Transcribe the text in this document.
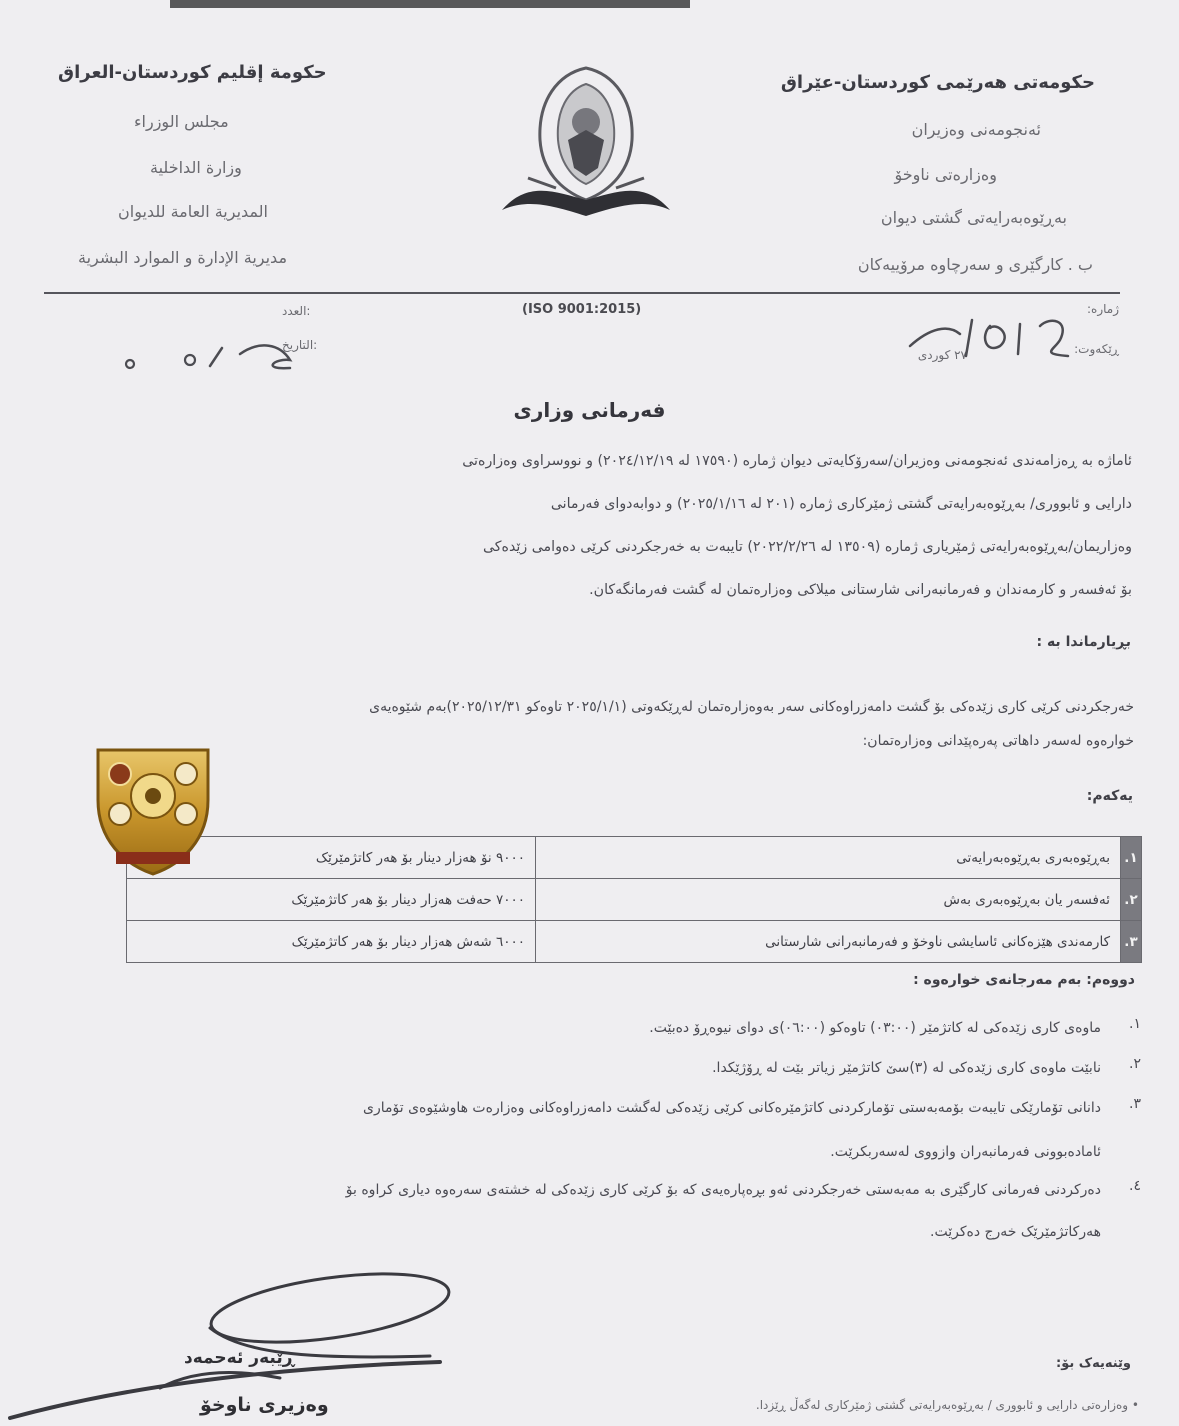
حکومەتی هەرێمی کوردستان-عێراق
ئەنجومەنی وەزیران
وەزارەتی ناوخۆ
بەڕێوەبەرایەتی گشتی دیوان
ب . کارگێری و سەرچاوە مرۆییەکان
حكومة إقليم كوردستان-العراق
مجلس الوزراء
وزارة الداخلية
المديرية العامة للديوان
مديرية الإدارة و الموارد البشرية
(ISO 9001:2015)	ژمارە:
ڕێکەوت:
۲۷ کوردی
العدد:
التاريخ:
فەرمانی وزاری
ئاماژە بە ڕەزامەندی ئەنجومەنی وەزیران/سەرۆکایەتی دیوان ژمارە (١٧٥٩٠ لە ٢٠٢٤/١٢/١٩) و نووسراوی وەزارەتی
دارایی و ئابووری/ بەڕێوەبەرایەتی گشتی ژمێرکاری ژمارە (٢٠١ لە ٢٠٢٥/١/١٦) و دوابەدوای فەرمانی
وەزاریمان/بەڕێوەبەرایەتی ژمێریاری ژمارە (١٣٥٠٩ لە ٢٠٢٢/٢/٢٦) تایبەت بە خەرجکردنی کرێی دەوامی زێدەکی
بۆ ئەفسەر و کارمەندان و فەرمانبەرانی شارستانی میلاکی وەزارەتمان لە گشت فەرمانگەکان.
بڕیارماندا بە :
خەرجکردنی کرێی کاری زێدەکی بۆ گشت دامەزراوەکانی سەر بەوەزارەتمان لەڕێکەوتی (٢٠٢٥/١/١ تاوەکو ٢٠٢٥/١٢/٣١)بەم شێوەیەی
خوارەوە لەسەر داهاتی پەرەپێدانی وەزارەتمان:
یەکەم:
١.	بەڕێوەبەری بەڕێوەبەرایەتی	٩٠٠٠ نۆ هەزار دینار بۆ هەر کاتژمێرێک
٢.	ئەفسەر یان بەڕێوەبەری بەش	٧٠٠٠ حەفت هەزار دینار بۆ هەر کاتژمێرێک
٣.	کارمەندی هێزەکانی ئاسایشی ناوخۆ و فەرمانبەرانی شارستانی	٦٠٠٠ شەش هەزار دینار بۆ هەر کاتژمێرێک
دووەم: بەم مەرجانەی خوارەوە :
١.
ماوەی کاری زێدەکی لە کاتژمێر (٠٣:٠٠) تاوەکو (٠٦:٠٠)ی دوای نیوەڕۆ دەبێت.
٢.
نابێت ماوەی کاری زێدەکی لە (٣)سێ کاتژمێر زیاتر بێت لە ڕۆژێکدا.
٣.
دانانی تۆمارێکی تایبەت بۆمەبەستی تۆمارکردنی کاتژمێرەکانی کرێی زێدەکی لەگشت دامەزراوەکانی وەزارەت هاوشێوەی تۆماری
ئامادەبوونی فەرمانبەران وازووی لەسەربکرێت.
٤.
دەرکردنی فەرمانی کارگێری بە مەبەستی خەرجکردنی ئەو بڕەپارەیەی کە بۆ کرێی کاری زێدەکی لە خشتەی سەرەوە دیاری کراوە بۆ
هەرکاتژمێرێک خەرج دەکرێت.
ڕێبەر ئەحمەد
وەزیری ناوخۆ
وێنەیەک بۆ:
• وەزارەتی دارایی و ئابووری / بەڕێوەبەرایەتی گشتی ژمێرکاری لەگەڵ ڕێزدا.
